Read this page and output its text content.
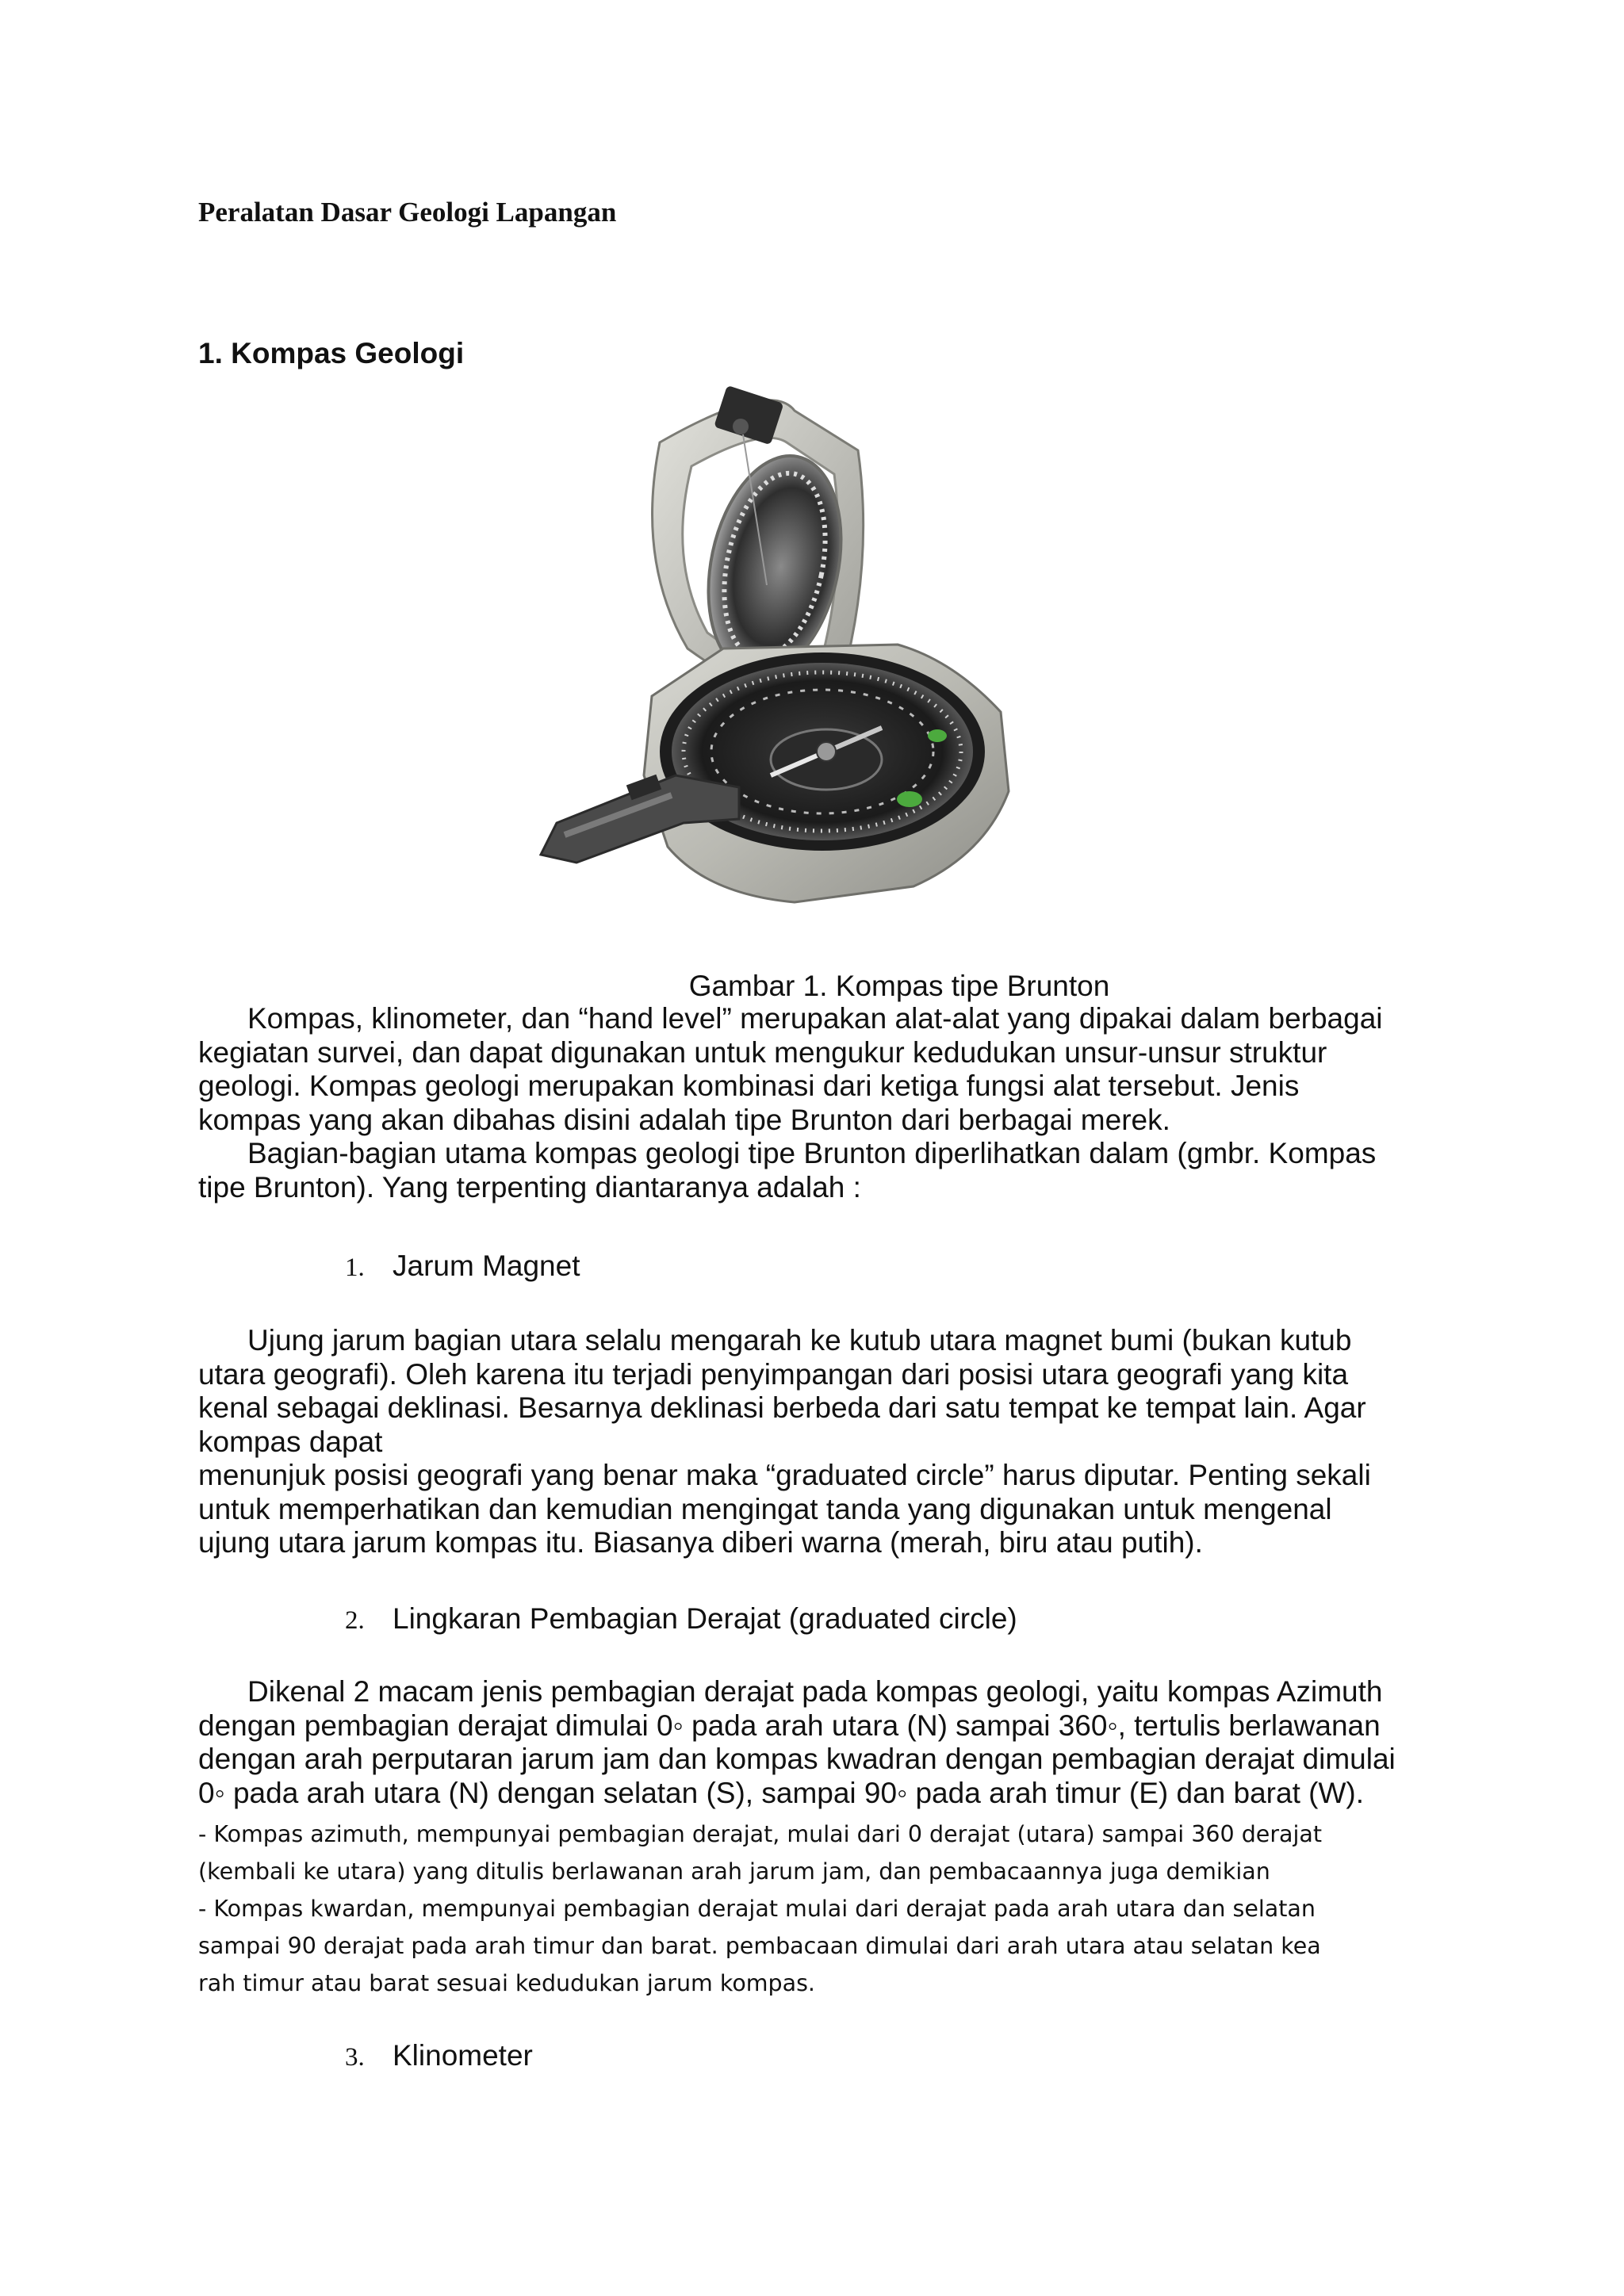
Peralatan Dasar Geologi Lapangan
1. Kompas Geologi
Gambar 1. Kompas tipe Brunton
Kompas, klinometer, dan “hand level” merupakan alat-alat yang dipakai dalam berbagai
kegiatan survei, dan dapat digunakan untuk mengukur kedudukan unsur-unsur struktur
geologi. Kompas geologi merupakan kombinasi dari ketiga fungsi alat tersebut. Jenis
kompas yang akan dibahas disini adalah tipe Brunton dari berbagai merek.
Bagian-bagian utama kompas geologi tipe Brunton diperlihatkan dalam (gmbr. Kompas
tipe Brunton). Yang terpenting diantaranya adalah :
1. Jarum Magnet
Ujung jarum bagian utara selalu mengarah ke kutub utara magnet bumi (bukan kutub
utara geografi). Oleh karena itu terjadi penyimpangan dari posisi utara geografi yang kita
kenal sebagai deklinasi. Besarnya deklinasi berbeda dari satu tempat ke tempat lain. Agar
kompas dapat
menunjuk posisi geografi yang benar maka “graduated circle” harus diputar. Penting sekali
untuk memperhatikan dan kemudian mengingat tanda yang digunakan untuk mengenal
ujung utara jarum kompas itu. Biasanya diberi warna (merah, biru atau putih).
2. Lingkaran Pembagian Derajat (graduated circle)
Dikenal 2 macam jenis pembagian derajat pada kompas geologi, yaitu kompas Azimuth
dengan pembagian derajat dimulai 0◦ pada arah utara (N) sampai 360◦, tertulis berlawanan
dengan arah perputaran jarum jam dan kompas kwadran dengan pembagian derajat dimulai
0◦ pada arah utara (N) dengan selatan (S), sampai 90◦ pada arah timur (E) dan barat (W).
- Kompas azimuth, mempunyai pembagian derajat, mulai dari 0 derajat (utara) sampai 360 derajat
(kembali ke utara) yang ditulis berlawanan arah jarum jam, dan pembacaannya juga demikian
- Kompas kwardan, mempunyai pembagian derajat mulai dari derajat pada arah utara dan selatan
sampai 90 derajat pada arah timur dan barat. pembacaan dimulai dari arah utara atau selatan kea
rah timur atau barat sesuai kedudukan jarum kompas.
3. Klinometer
